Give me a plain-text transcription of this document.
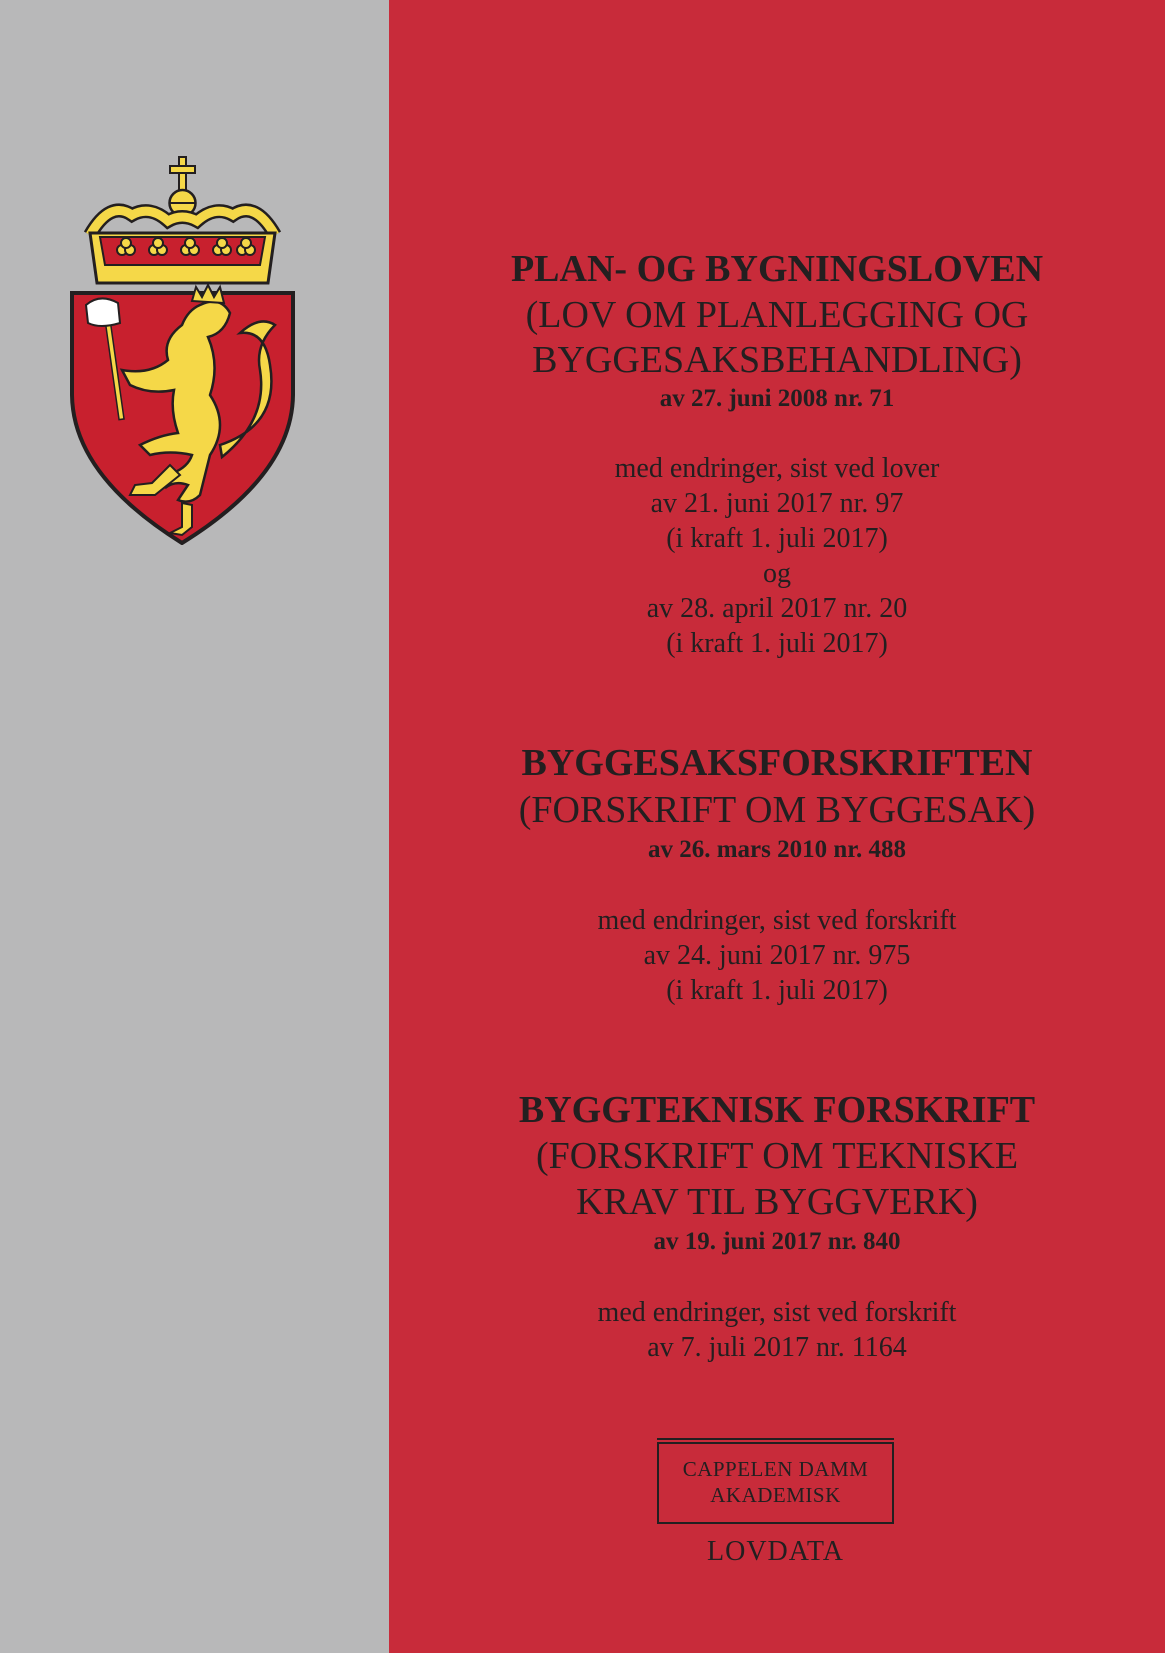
PLAN- OG BYGNINGSLOVEN
(LOV OM PLANLEGGING OG
BYGGESAKSBEHANDLING)
av 27. juni 2008 nr. 71
med endringer, sist ved lover
av 21. juni 2017 nr. 97
(i kraft 1. juli 2017)
og
av 28. april 2017 nr. 20
(i kraft 1. juli 2017)
BYGGESAKSFORSKRIFTEN
(FORSKRIFT OM BYGGESAK)
av 26. mars 2010 nr. 488
med endringer, sist ved forskrift
av 24. juni 2017 nr. 975
(i kraft 1. juli 2017)
BYGGTEKNISK FORSKRIFT
(FORSKRIFT OM TEKNISKE
KRAV TIL BYGGVERK)
av 19. juni 2017 nr. 840
med endringer, sist ved forskrift
av 7. juli 2017 nr. 1164
CAPPELEN DAMM
AKADEMISK
LOVDATA
